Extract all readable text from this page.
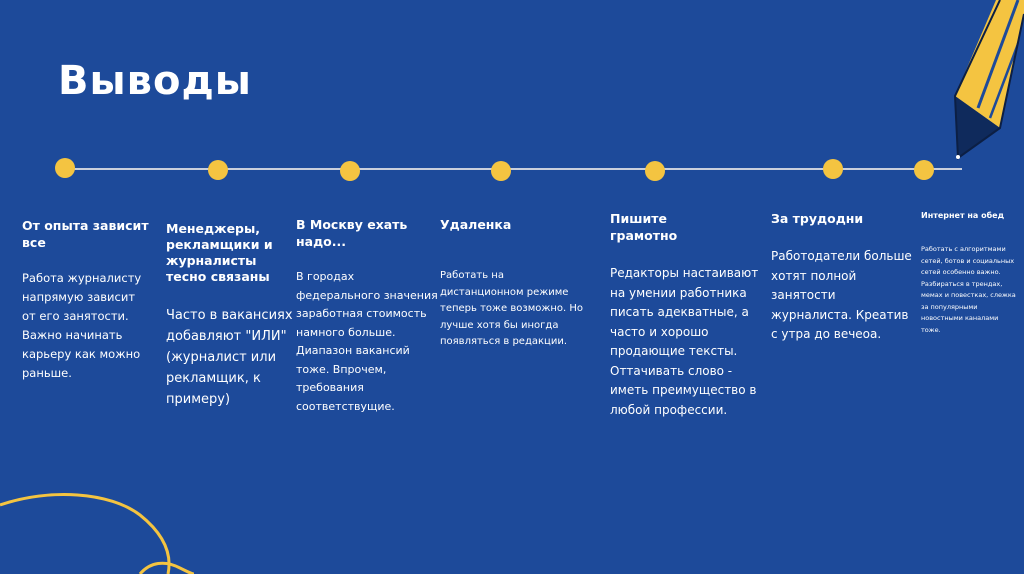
Выводы

От опыта зависит все

Работа журналисту напрямую зависит от его занятости. Важно начинать карьеру как можно раньше.

Менеджеры, рекламщики и журналисты тесно связаны

Часто в вакансиях добавляют "ИЛИ" (журналист или рекламщик, к примеру)

В Москву ехать надо...

В городах федерального значения заработная стоимость намного больше. Диапазон вакансий тоже. Впрочем, требования соответствущие.

Удаленка

Работать на дистанционном режиме теперь тоже возможно. Но лучше хотя бы иногда появляться в редакции.

Пишите грамотно

Редакторы настаивают на умении работника писать адекватные, а часто и хорошо продающие тексты. Оттачивать слово - иметь преимущество в любой профессии.

За трудодни

Работодатели больше хотят полной занятости журналиста. Креатив с утра до вечеоа.

Интернет на обед

Работать с алгоритмами сетей, ботов и социальных сетей особенно важно. Разбираться в трендах, мемах и повестках, слежка за популярными новостными каналами тоже.
